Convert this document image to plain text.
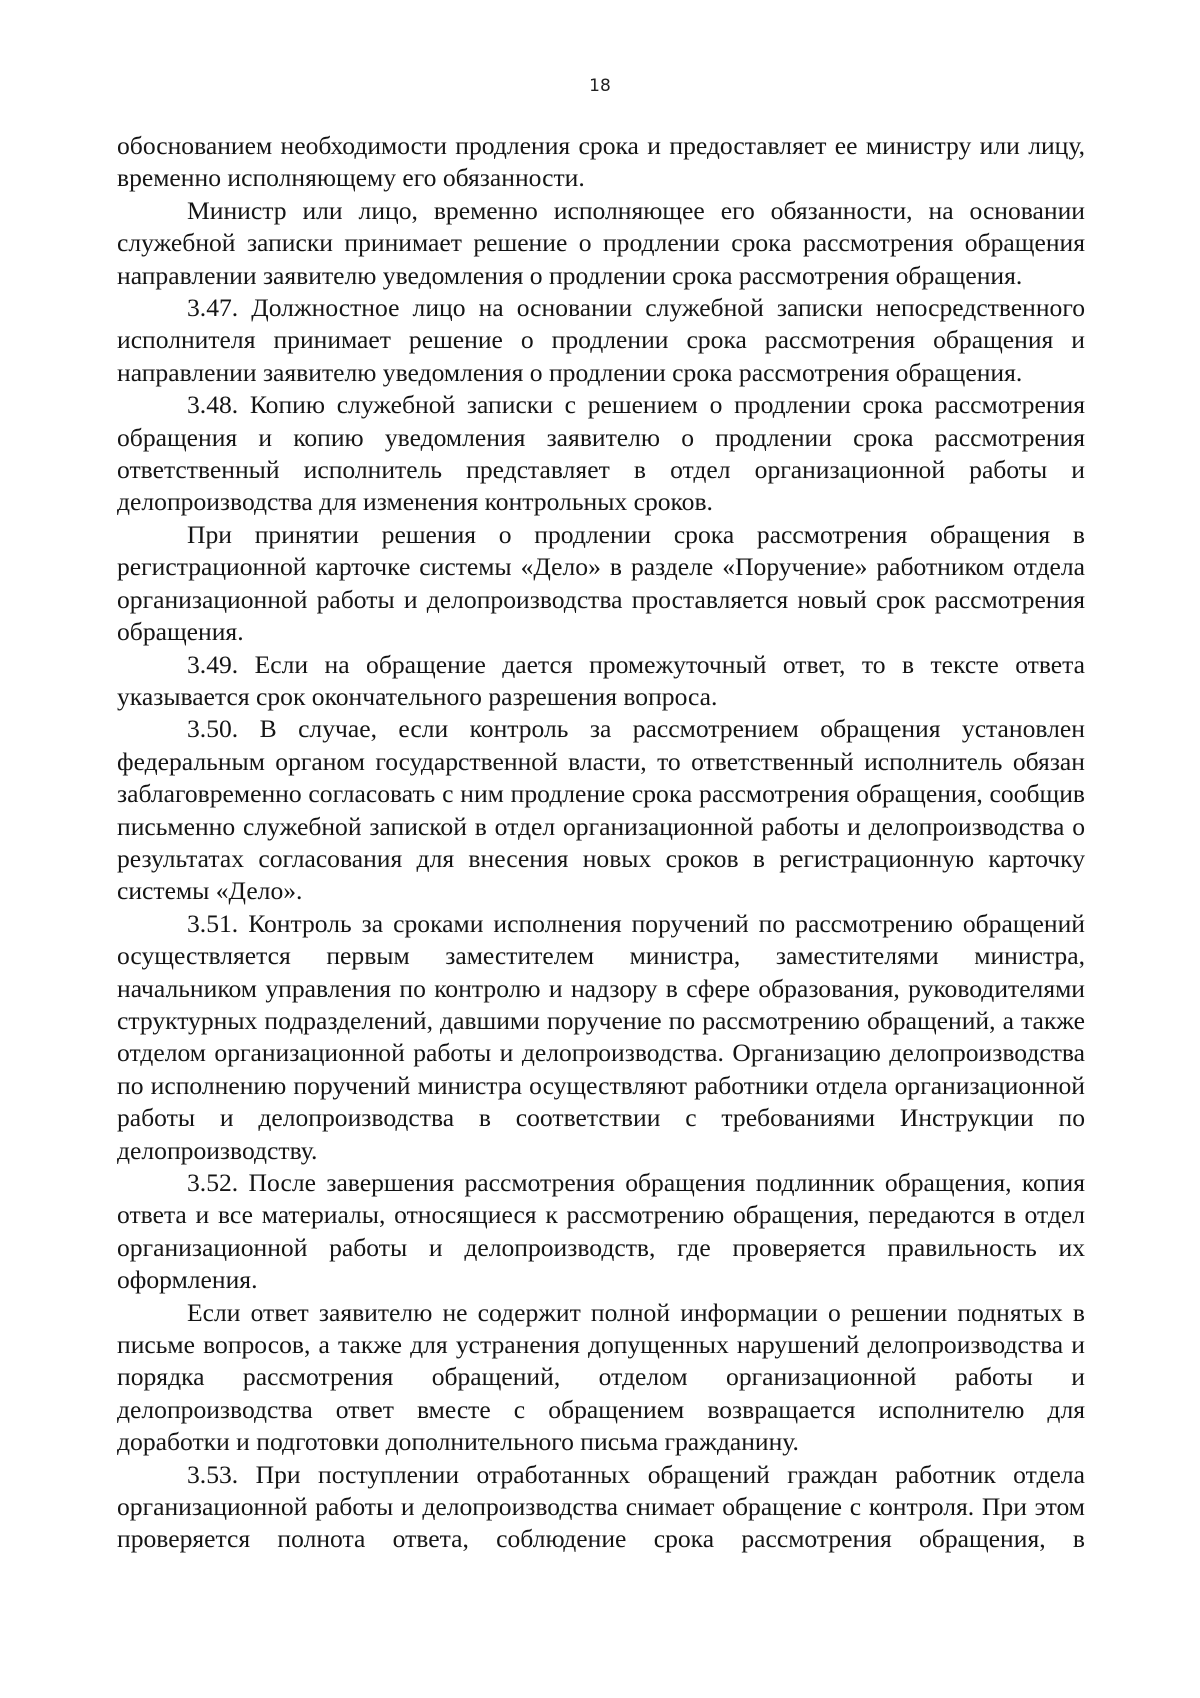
18

обоснованием необходимости продления срока и предоставляет ее министру или лицу, временно исполняющему его обязанности.

Министр или лицо, временно исполняющее его обязанности, на основании служебной записки принимает решение о продлении срока рассмотрения обращения направлении заявителю уведомления о продлении срока рассмотрения обращения.

3.47. Должностное лицо на основании служебной записки непосредственного исполнителя принимает решение о продлении срока рассмотрения обращения и направлении заявителю уведомления о продлении срока рассмотрения обращения.

3.48. Копию служебной записки с решением о продлении срока рассмотрения обращения и копию уведомления заявителю о продлении срока рассмотрения ответственный исполнитель представляет в отдел организационной работы и делопроизводства для изменения контрольных сроков.

При принятии решения о продлении срока рассмотрения обращения в регистрационной карточке системы «Дело» в разделе «Поручение» работником отдела организационной работы и делопроизводства проставляется новый срок рассмотрения обращения.

3.49. Если на обращение дается промежуточный ответ, то в тексте ответа указывается срок окончательного разрешения вопроса.

3.50. В случае, если контроль за рассмотрением обращения установлен федеральным органом государственной власти, то ответственный исполнитель обязан заблаговременно согласовать с ним продление срока рассмотрения обращения, сообщив письменно служебной запиской в отдел организационной работы и делопроизводства о результатах согласования для внесения новых сроков в регистрационную карточку системы «Дело».

3.51. Контроль за сроками исполнения поручений по рассмотрению обращений осуществляется первым заместителем министра, заместителями министра, начальником управления по контролю и надзору в сфере образования, руководителями структурных подразделений, давшими поручение по рассмотрению обращений, а также отделом организационной работы и делопроизводства. Организацию делопроизводства по исполнению поручений министра осуществляют работники отдела организационной работы и делопроизводства в соответствии с требованиями Инструкции по делопроизводству.

3.52. После завершения рассмотрения обращения подлинник обращения, копия ответа и все материалы, относящиеся к рассмотрению обращения, передаются в отдел организационной работы и делопроизводств, где проверяется правильность их оформления.

Если ответ заявителю не содержит полной информации о решении поднятых в письме вопросов, а также для устранения допущенных нарушений делопроизводства и порядка рассмотрения обращений, отделом организационной работы и делопроизводства ответ вместе с обращением возвращается исполнителю для доработки и подготовки дополнительного письма гражданину.

3.53. При поступлении отработанных обращений граждан работник отдела организационной работы и делопроизводства снимает обращение с контроля. При этом проверяется полнота ответа, соблюдение срока рассмотрения обращения, в
